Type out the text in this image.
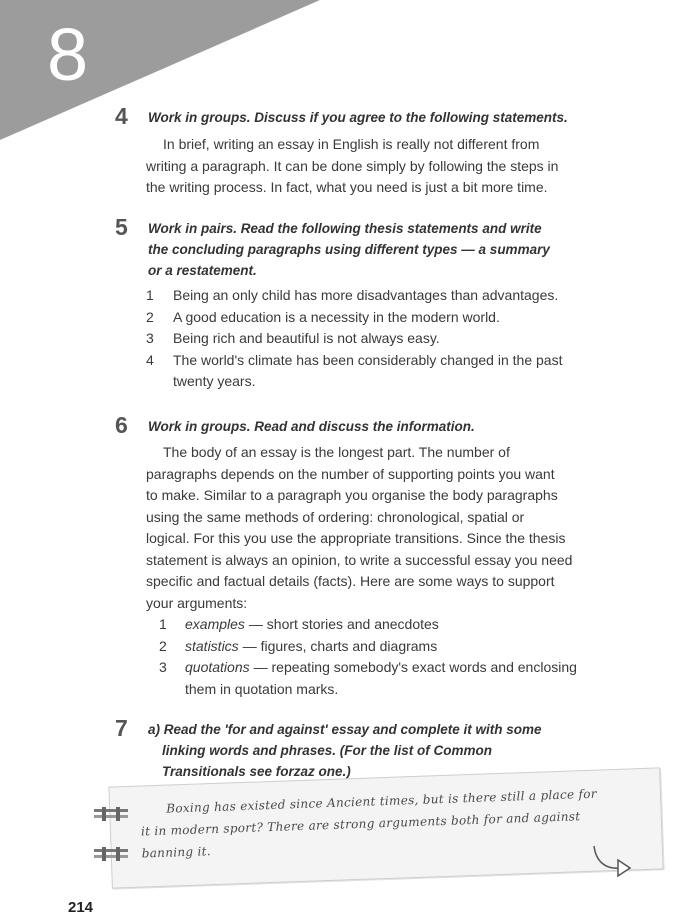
8
4 Work in groups. Discuss if you agree to the following statements.
In brief, writing an essay in English is really not different from
writing a paragraph. It can be done simply by following the steps in
the writing process. In fact, what you need is just a bit more time.
5 Work in pairs. Read the following thesis statements and write
the concluding paragraphs using different types — a summary
or a restatement.
1	Being an only child has more disadvantages than advantages.
2	A good education is a necessity in the modern world.
3	Being rich and beautiful is not always easy.
4	The world's climate has been considerably changed in the past
twenty years.
6 Work in groups. Read and discuss the information.
The body of an essay is the longest part. The number of
paragraphs depends on the number of supporting points you want
to make. Similar to a paragraph you organise the body paragraphs
using the same methods of ordering: chronological, spatial or
logical. For this you use the appropriate transitions. Since the thesis
statement is always an opinion, to write a successful essay you need
specific and factual details (facts). Here are some ways to support
your arguments:
1	examples — short stories and anecdotes
2	statistics — figures, charts and diagrams
3	quotations — repeating somebody's exact words and enclosing
them in quotation marks.
7 a) Read the 'for and against' essay and complete it with some
linking words and phrases. (For the list of Common
Transitionals see forzaz one.)
Boxing has existed since Ancient times, but is there still a place for
it in modern sport? There are strong arguments both for and against
banning it.
214
